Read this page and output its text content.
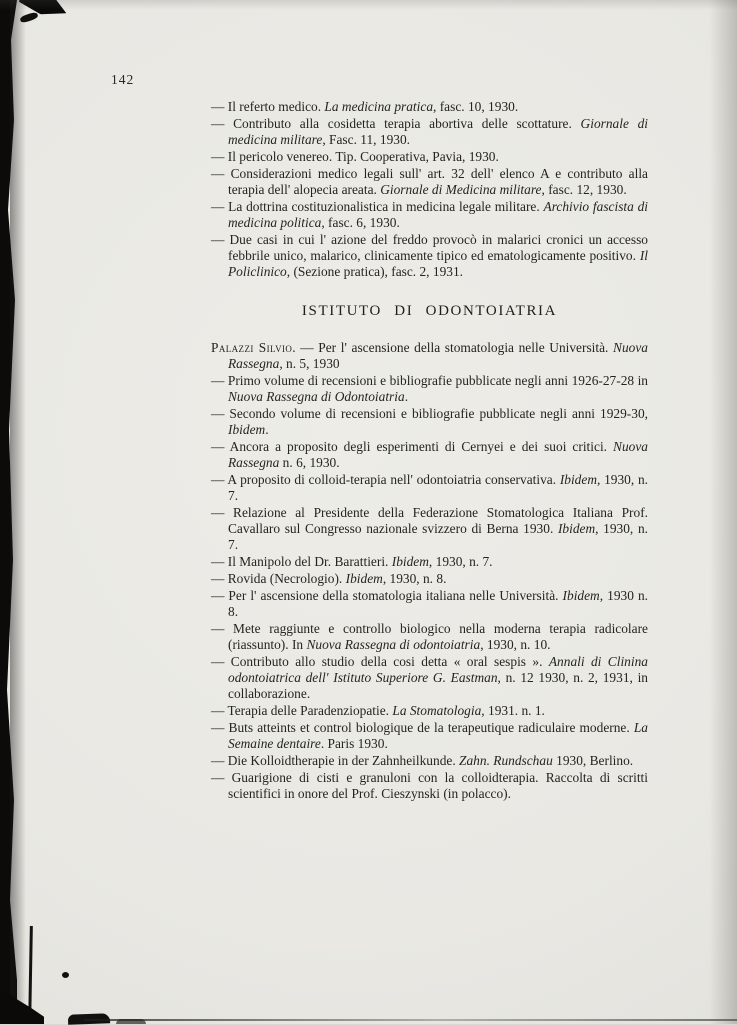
142
— Il referto medico. La medicina pratica, fasc. 10, 1930.
— Contributo alla cosidetta terapia abortiva delle scottature. Giornale di medicina militare, Fasc. 11, 1930.
— Il pericolo venereo. Tip. Cooperativa, Pavia, 1930.
— Considerazioni medico legali sull' art. 32 dell' elenco A e contributo alla terapia dell' alopecia areata. Giornale di Medicina militare, fasc. 12, 1930.
— La dottrina costituzionalistica in medicina legale militare. Archivio fascista di medicina politica, fasc. 6, 1930.
— Due casi in cui l' azione del freddo provocò in malarici cronici un accesso febbrile unico, malarico, clinicamente tipico ed ematologicamente positivo. Il Policlinico, (Sezione pratica), fasc. 2, 1931.
ISTITUTO DI ODONTOIATRIA
Palazzi Silvio. — Per l' ascensione della stomatologia nelle Università. Nuova Rassegna, n. 5, 1930
— Primo volume di recensioni e bibliografie pubblicate negli anni 1926-27-28 in Nuova Rassegna di Odontoiatria.
— Secondo volume di recensioni e bibliografie pubblicate negli anni 1929-30, Ibidem.
— Ancora a proposito degli esperimenti di Cernyei e dei suoi critici. Nuova Rassegna n. 6, 1930.
— A proposito di colloid-terapia nell' odontoiatria conservativa. Ibidem, 1930, n. 7.
— Relazione al Presidente della Federazione Stomatologica Italiana Prof. Cavallaro sul Congresso nazionale svizzero di Berna 1930. Ibidem, 1930, n. 7.
— Il Manipolo del Dr. Barattieri. Ibidem, 1930, n. 7.
— Rovida (Necrologio). Ibidem, 1930, n. 8.
— Per l' ascensione della stomatologia italiana nelle Università. Ibidem, 1930 n. 8.
— Mete raggiunte e controllo biologico nella moderna terapia radicolare (riassunto). In Nuova Rassegna di odontoiatria, 1930, n. 10.
— Contributo allo studio della cosi detta « oral sespis ». Annali di Clinina odontoiatrica dell' Istituto Superiore G. Eastman, n. 12 1930, n. 2, 1931, in collaborazione.
— Terapia delle Paradenziopatie. La Stomatologia, 1931. n. 1.
— Buts atteints et control biologique de la terapeutique radiculaire moderne. La Semaine dentaire. Paris 1930.
— Die Kolloidtherapie in der Zahnheilkunde. Zahn. Rundschau 1930, Berlino.
— Guarigione di cisti e granuloni con la colloidterapia. Raccolta di scritti scientifici in onore del Prof. Cieszynski (in polacco).
